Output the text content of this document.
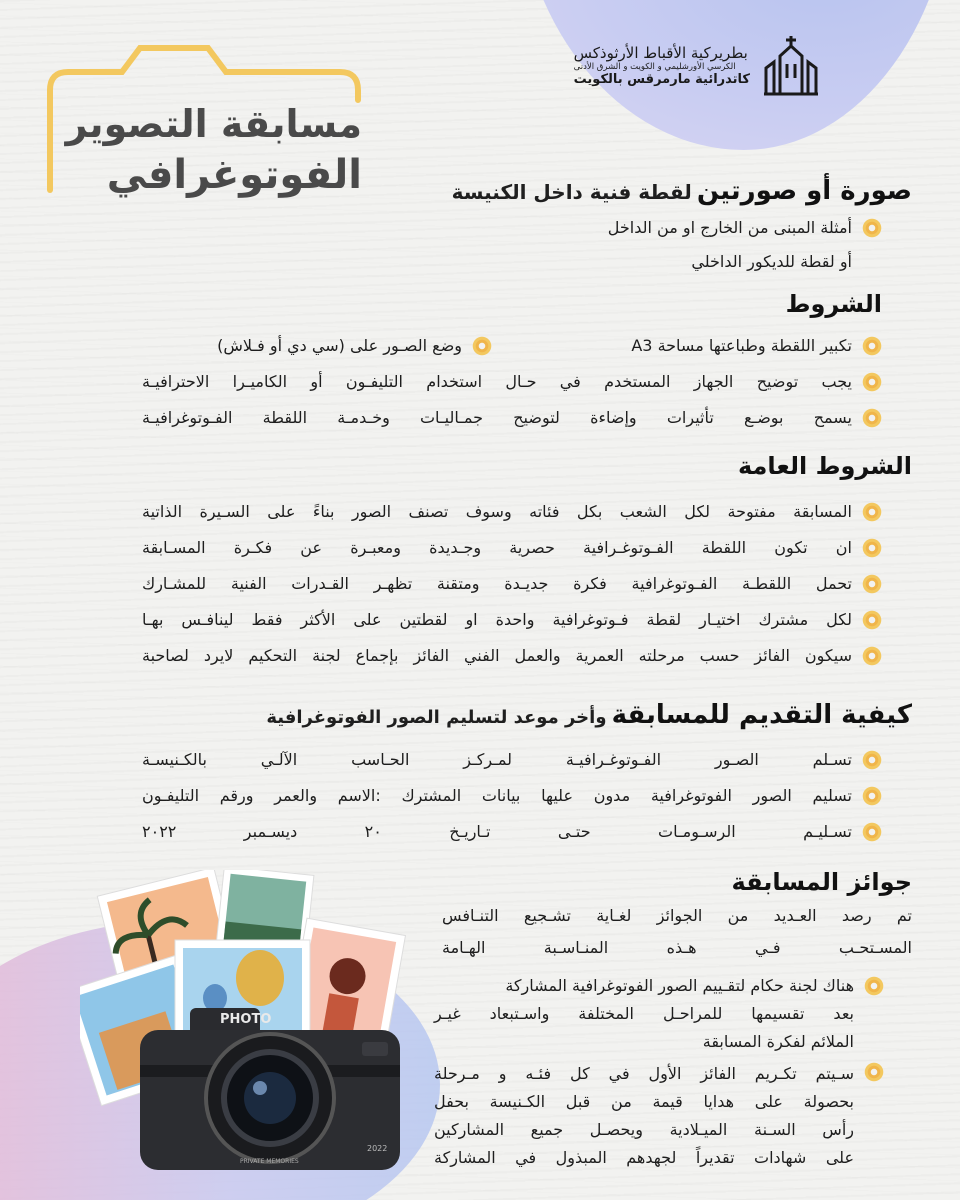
بطريركية الأقباط الأرثوذكس
الكرسي الأورشليمي و الكويت و الشرق الأدنى
كاتدرائية مارمرقس بالكويت
مسابقة التصوير
الفوتوغرافي	صورة أو صورتين لقطة فنية داخل الكنيسة
أمثلة المبنى من الخارج او من الداخل
أو لقطة للديكور الداخلي
الشروط
تكبير اللقطة وطباعتها مساحة A3
وضع الصـور على (سي دي أو فـلاش)
يجب توضيح الجهاز المستخدم في حـال استخدام التليفـون أو الكاميـرا الاحترافيـة
يسمح بوضـع تأثيرات وإضاءة لتوضيح جمـاليـات وخـدمـة اللقطة الفـوتوغرافيـة
الشروط العامة
المسابقة مفتوحة لكل الشعب بكل فئاته وسوف تصنف الصور بناءً على السـيرة الذاتية
ان تكون اللقطة الفـوتوغـرافية حصرية وجـديدة ومعبـرة عن فكـرة المسـابقة
تحمل اللقطـة الفـوتوغرافية فكرة جديـدة ومتقنة تظهـر القـدرات الفنية للمشـارك
لكل مشترك اختيـار لقطة فـوتوغرافية واحدة او لقطتين على الأكثر فقط لينافـس بهـا
سيكون الفائز حسب مرحلته العمرية والعمل الفني الفائز بإجماع لجنة التحكيم لايرد لصاحبة
كيفية التقديم للمسابقة وأخر موعد لتسليم الصور الفوتوغرافية
تسـلم الصـور الفـوتوغـرافيـة لمـركـز الحـاسب الآلـي بالكـنيسـة
تسليم الصور الفوتوغرافية مدون عليها بيانات المشترك :الاسم والعمر ورقم التليفـون
تسـليـم الرسـومـات حتـى تـاريـخ ٢٠ ديسـمبر ٢٠٢٢
جوائز المسابقة
تم رصد العـديد من الجوائز لغـاية تشـجيع التنـافس
المسـتحـب فـي هـذه المنـاسـبة الهـامة
هناك لجنة حكام لتقـييم الصور الفوتوغرافية المشاركة
بعد تقسيمها للمراحـل المختلفة واسـتبعاد غيـر
الملائم لفكرة المسابقة
سـيتم تكـريم الفائز الأول في كل فئـه و مـرحلة
بحصولة على هدايا قيمة من قبل الكـنيسة بحفل
رأس السـنة الميـلادية ويحصـل جميع المشاركين
على شهادات تقديراً لجهدهم المبذول في المشاركة
PHOTO
2022
PRIVATE MEMORIES
